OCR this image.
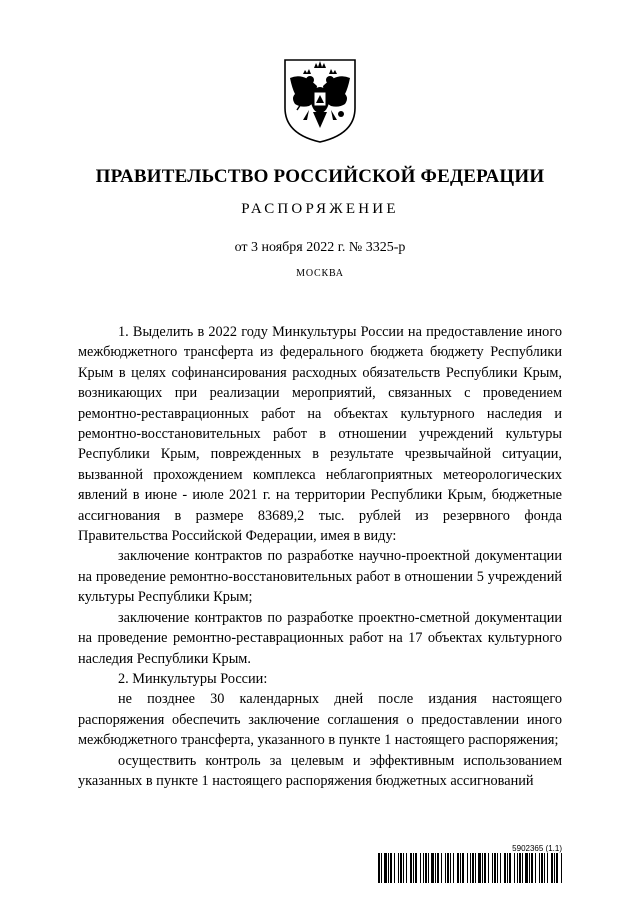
ПРАВИТЕЛЬСТВО РОССИЙСКОЙ ФЕДЕРАЦИИ
РАСПОРЯЖЕНИЕ
от 3 ноября 2022 г. № 3325-р
МОСКВА

1. Выделить в 2022 году Минкультуры России на предоставление иного межбюджетного трансферта из федерального бюджета бюджету Республики Крым в целях софинансирования расходных обязательств Республики Крым, возникающих при реализации мероприятий, связанных с проведением ремонтно-реставрационных работ на объектах культурного наследия и ремонтно-восстановительных работ в отношении учреждений культуры Республики Крым, поврежденных в результате чрезвычайной ситуации, вызванной прохождением комплекса неблагоприятных метеорологических явлений в июне - июле 2021 г. на территории Республики Крым, бюджетные ассигнования в размере 83689,2 тыс. рублей из резервного фонда Правительства Российской Федерации, имея в виду:

заключение контрактов по разработке научно-проектной документации на проведение ремонтно-восстановительных работ в отношении 5 учреждений культуры Республики Крым;

заключение контрактов по разработке проектно-сметной документации на проведение ремонтно-реставрационных работ на 17 объектах культурного наследия Республики Крым.

2. Минкультуры России:

не позднее 30 календарных дней после издания настоящего распоряжения обеспечить заключение соглашения о предоставлении иного межбюджетного трансферта, указанного в пункте 1 настоящего распоряжения;

осуществить контроль за целевым и эффективным использованием указанных в пункте 1 настоящего распоряжения бюджетных ассигнований

5902365 (1.1)
